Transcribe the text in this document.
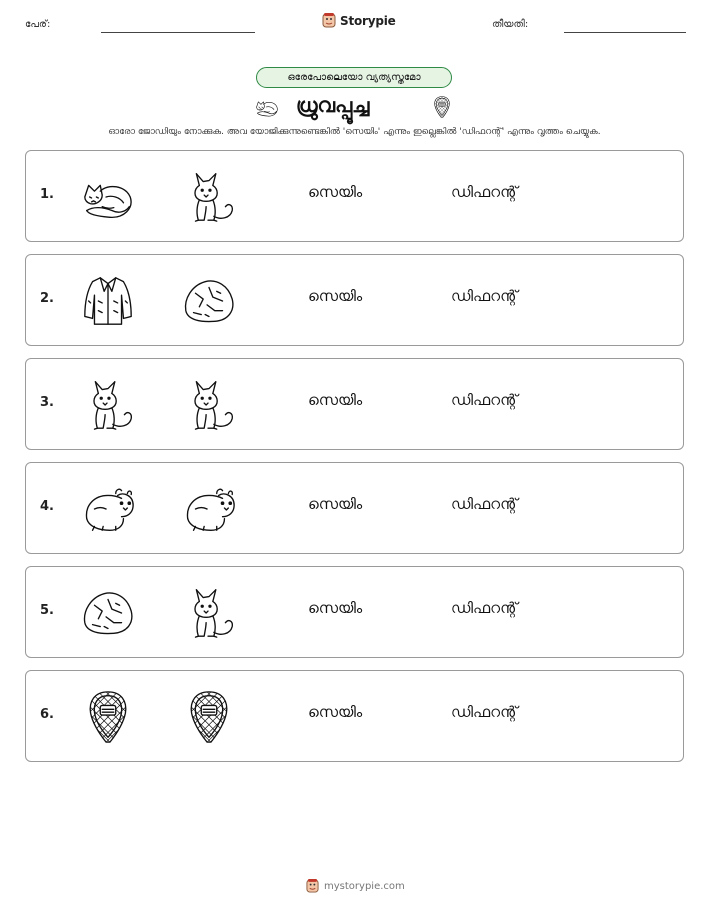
പേര്:	Storypie	തീയതി:
ഒരേപോലെയോ വ്യത്യസ്തമോ
ധ്രുവപ്പൂച്ച
ഓരോ ജോഡിയും നോക്കുക. അവ യോജിക്കുന്നുണ്ടെങ്കിൽ 'സെയിം' എന്നും ഇല്ലെങ്കിൽ 'ഡിഫറന്റ്' എന്നും വൃത്തം ചെയ്യുക.
1.	സെയിം	ഡിഫറന്റ്
2.	സെയിം	ഡിഫറന്റ്
3.	സെയിം	ഡിഫറന്റ്
4.	സെയിം	ഡിഫറന്റ്
5.	സെയിം	ഡിഫറന്റ്
6.	സെയിം	ഡിഫറന്റ്
mystorypie.com
